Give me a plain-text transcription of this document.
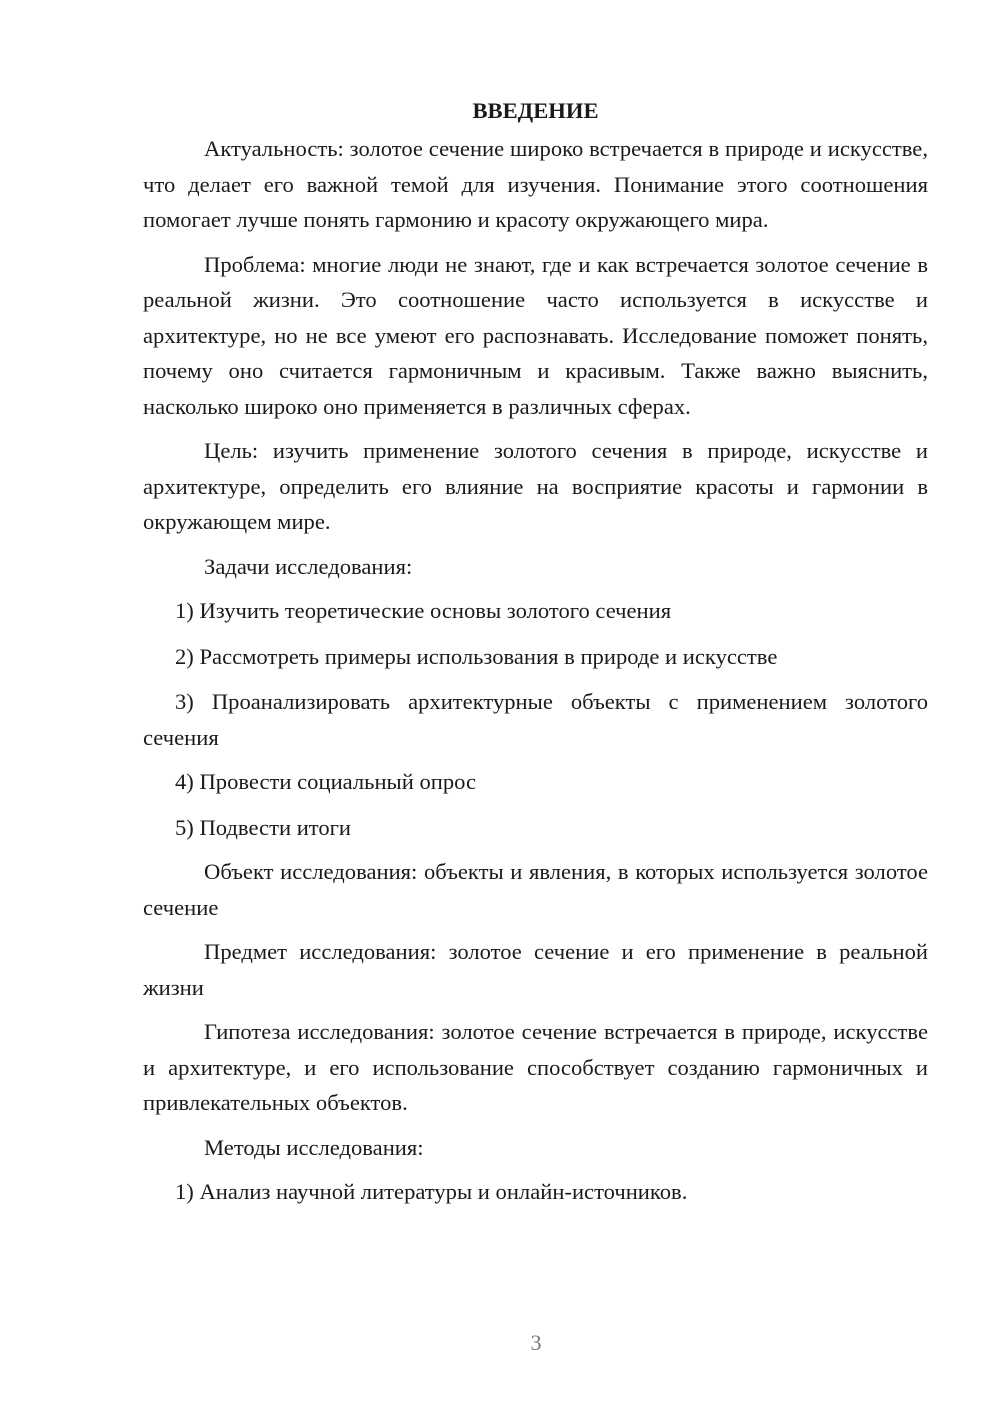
ВВЕДЕНИЕ

Актуальность: золотое сечение широко встречается в природе и искусстве, что делает его важной темой для изучения. Понимание этого соотношения помогает лучше понять гармонию и красоту окружающего мира.

Проблема: многие люди не знают, где и как встречается золотое сечение в реальной жизни. Это соотношение часто используется в искусстве и архитектуре, но не все умеют его распознавать. Исследование поможет понять, почему оно считается гармоничным и красивым. Также важно выяснить, насколько широко оно применяется в различных сферах.

Цель: изучить применение золотого сечения в природе, искусстве и архитектуре, определить его влияние на восприятие красоты и гармонии в окружающем мире.

Задачи исследования:

1) Изучить теоретические основы золотого сечения

2) Рассмотреть примеры использования в природе и искусстве

3) Проанализировать архитектурные объекты с применением золотого сечения

4) Провести социальный опрос

5) Подвести итоги

Объект исследования: объекты и явления, в которых используется золотое сечение

Предмет исследования: золотое сечение и его применение в реальной жизни

Гипотеза исследования: золотое сечение встречается в природе, искусстве и архитектуре, и его использование способствует созданию гармоничных и привлекательных объектов.

Методы исследования:

1) Анализ научной литературы и онлайн-источников.

3
